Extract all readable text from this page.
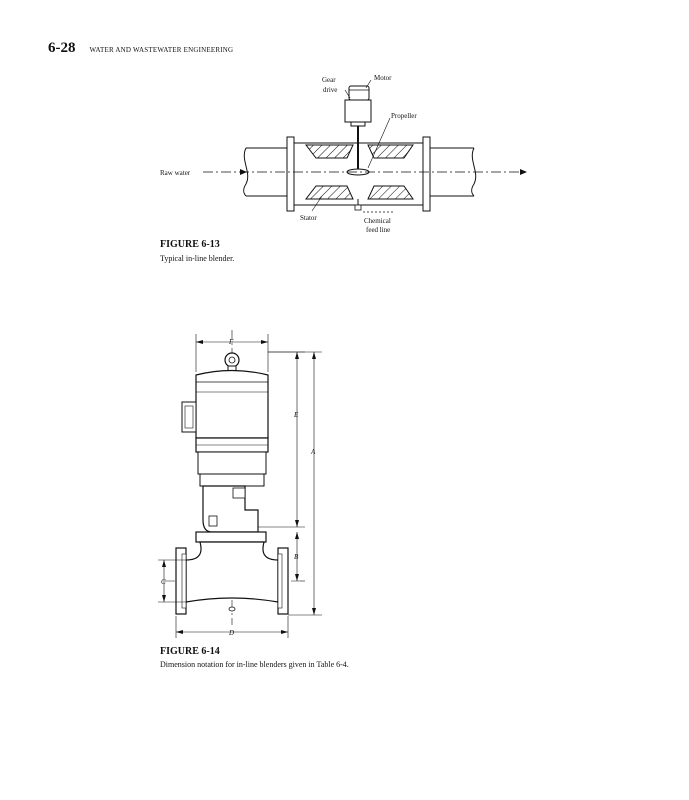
6-28 WATER AND WASTEWATER ENGINEERING
Gear
drive
Motor
Propeller
Raw water
Stator	Chemical
feed line
FIGURE 6-13
Typical in-line blender.
F
E
A
B
C
D
FIGURE 6-14
Dimension notation for in-line blenders given in Table 6-4.
